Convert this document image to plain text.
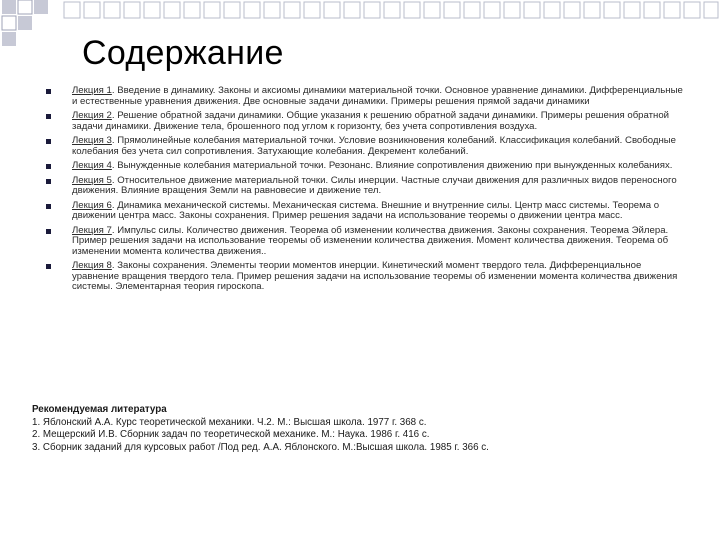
Содержание
Лекция 1. Введение в динамику. Законы и аксиомы динамики материальной точки. Основное уравнение динамики. Дифференциальные и естественные уравнения движения. Две основные задачи динамики. Примеры решения прямой задачи динамики
Лекция 2. Решение обратной задачи динамики. Общие указания к решению обратной задачи динамики. Примеры решения обратной задачи динамики. Движение тела, брошенного под углом к горизонту, без учета сопротивления воздуха.
Лекция 3. Прямолинейные колебания материальной точки. Условие возникновения колебаний. Классификация колебаний. Свободные колебания без учета сил сопротивления. Затухающие колебания. Декремент колебаний.
Лекция 4. Вынужденные колебания материальной точки. Резонанс. Влияние сопротивления движению при вынужденных колебаниях.
Лекция 5. Относительное движение материальной точки. Силы инерции. Частные случаи движения для различных видов переносного движения. Влияние вращения Земли на равновесие и движение тел.
Лекция 6. Динамика механической системы. Механическая система. Внешние и внутренние силы. Центр масс системы. Теорема о движении центра масс. Законы сохранения. Пример решения задачи на использование теоремы о движении центра масс.
Лекция 7. Импульс силы. Количество движения. Теорема об изменении количества движения. Законы сохранения. Теорема Эйлера. Пример решения задачи на использование теоремы об изменении количества движения. Момент количества движения. Теорема об изменении момента количества движения..
Лекция 8. Законы сохранения. Элементы теории моментов инерции. Кинетический момент твердого тела. Дифференциальное уравнение вращения твердого тела. Пример решения задачи на использование теоремы об изменении момента количества движения системы. Элементарная теория гироскопа.
Рекомендуемая литература
1. Яблонский А.А. Курс теоретической механики. Ч.2. М.: Высшая школа. 1977 г. 368 с.
2. Мещерский И.В. Сборник задач по теоретической механике. М.: Наука. 1986 г. 416 с.
3. Сборник заданий для курсовых работ /Под ред. А.А. Яблонского. М.:Высшая школа. 1985 г. 366 с.
